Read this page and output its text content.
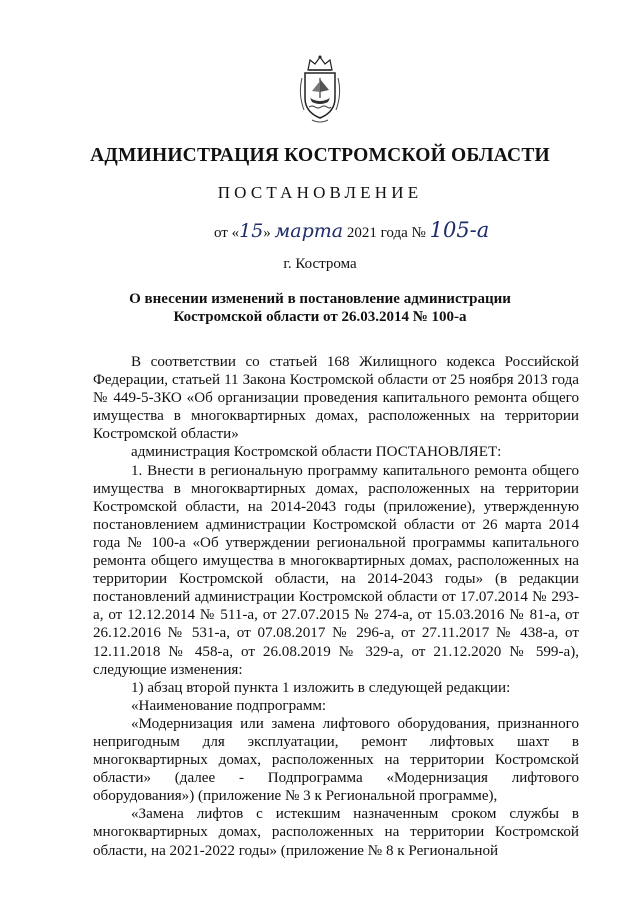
АДМИНИСТРАЦИЯ КОСТРОМСКОЙ ОБЛАСТИ
ПОСТАНОВЛЕНИЕ
от «15» марта 2021 года № 105-а
г. Кострома
О внесении изменений в постановление администрации
Костромской области от 26.03.2014 № 100-а

В соответствии со статьей 168 Жилищного кодекса Российской Федерации, статьей 11 Закона Костромской области от 25 ноября 2013 года № 449-5-ЗКО «Об организации проведения капитального ремонта общего имущества в многоквартирных домах, расположенных на территории Костромской области»

администрация Костромской области ПОСТАНОВЛЯЕТ:

1. Внести в региональную программу капитального ремонта общего имущества в многоквартирных домах, расположенных на территории Костромской области, на 2014-2043 годы (приложение), утвержденную постановлением администрации Костромской области от 26 марта 2014 года № 100-а «Об утверждении региональной программы капитального ремонта общего имущества в многоквартирных домах, расположенных на территории Костромской области, на 2014-2043 годы» (в редакции постановлений администрации Костромской области от 17.07.2014 № 293-а, от 12.12.2014 № 511-а, от 27.07.2015 № 274-а, от 15.03.2016 № 81-а, от 26.12.2016 № 531-а, от 07.08.2017 № 296-а, от 27.11.2017 № 438-а, от 12.11.2018 № 458-а, от 26.08.2019 № 329-а, от 21.12.2020 № 599-а), следующие изменения:

1) абзац второй пункта 1 изложить в следующей редакции:

«Наименование подпрограмм:

«Модернизация или замена лифтового оборудования, признанного непригодным для эксплуатации, ремонт лифтовых шахт в многоквартирных домах, расположенных на территории Костромской области» (далее - Подпрограмма «Модернизация лифтового оборудования») (приложение № 3 к Региональной программе),

«Замена лифтов с истекшим назначенным сроком службы в многоквартирных домах, расположенных на территории Костромской области, на 2021-2022 годы» (приложение № 8 к Региональной
